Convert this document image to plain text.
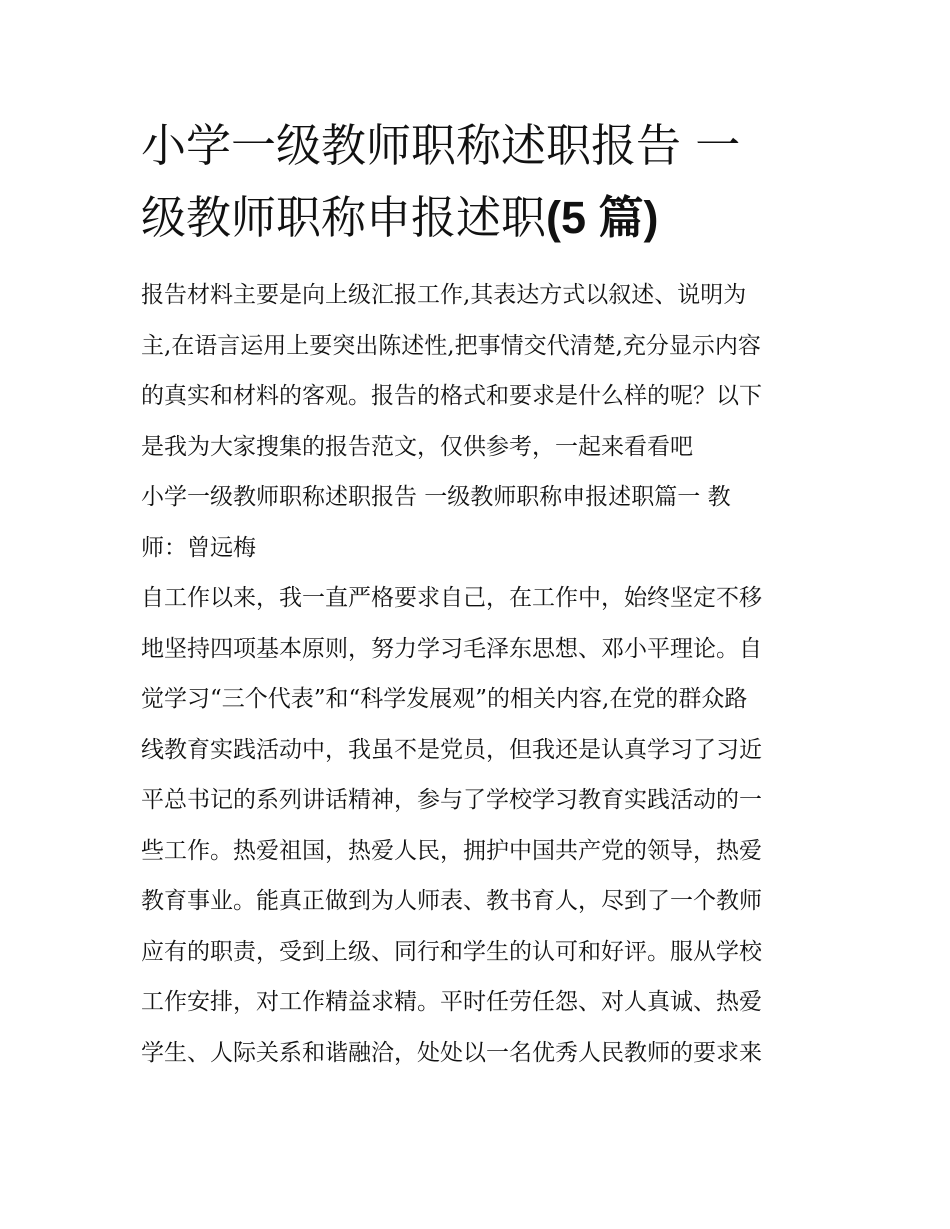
小学一级教师职称述职报告 一
级教师职称申报述职(5 篇)

报告材料主要是向上级汇报工作,其表达方式以叙述、说明为
主,在语言运用上要突出陈述性,把事情交代清楚,充分显示内容
的真实和材料的客观。报告的格式和要求是什么样的呢？以下
是我为大家搜集的报告范文，仅供参考，一起来看看吧

小学一级教师职称述职报告 一级教师职称申报述职篇一 教
师：曾远梅

自工作以来，我一直严格要求自己，在工作中，始终坚定不移
地坚持四项基本原则，努力学习毛泽东思想、邓小平理论。自
觉学习“三个代表”和“科学发展观”的相关内容,在党的群众路
线教育实践活动中，我虽不是党员，但我还是认真学习了习近
平总书记的系列讲话精神，参与了学校学习教育实践活动的一
些工作。热爱祖国，热爱人民，拥护中国共产党的领导，热爱
教育事业。能真正做到为人师表、教书育人，尽到了一个教师
应有的职责，受到上级、同行和学生的认可和好评。服从学校
工作安排，对工作精益求精。平时任劳任怨、对人真诚、热爱
学生、人际关系和谐融洽，处处以一名优秀人民教师的要求来
